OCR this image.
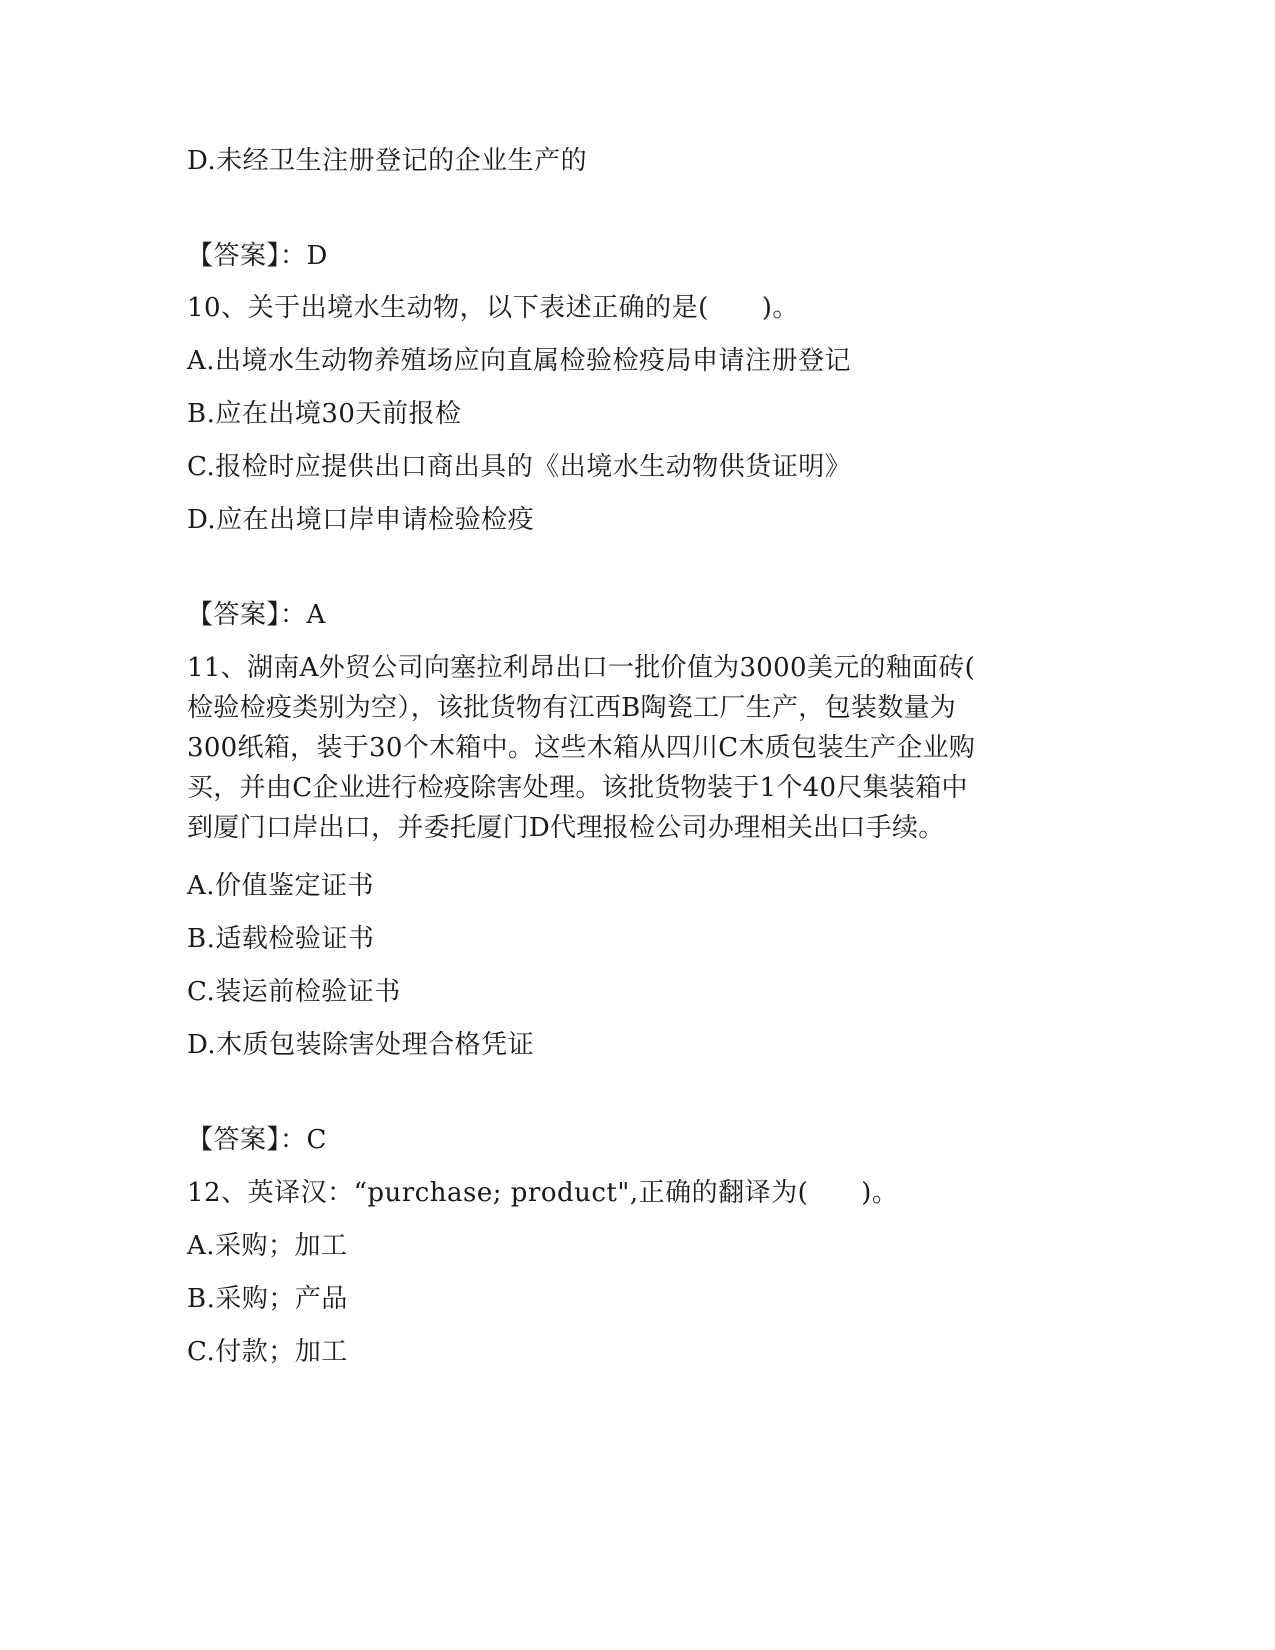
D.未经卫生注册登记的企业生产的
【答案】：D
10、关于出境水生动物，以下表述正确的是(　　)。
A.出境水生动物养殖场应向直属检验检疫局申请注册登记
B.应在出境30天前报检
C.报检时应提供出口商出具的《出境水生动物供货证明》
D.应在出境口岸申请检验检疫
【答案】：A
11、湖南A外贸公司向塞拉利昂出口一批价值为3000美元的釉面砖(
检验检疫类别为空），该批货物有江西B陶瓷工厂生产，包装数量为
300纸箱，装于30个木箱中。这些木箱从四川C木质包装生产企业购
买，并由C企业进行检疫除害处理。该批货物装于1个40尺集装箱中
到厦门口岸出口，并委托厦门D代理报检公司办理相关出口手续。
A.价值鉴定证书
B.适载检验证书
C.装运前检验证书
D.木质包装除害处理合格凭证
【答案】：C
12、英译汉：“purchase; product",正确的翻译为(　　)。
A.采购；加工
B.采购；产品
C.付款；加工
